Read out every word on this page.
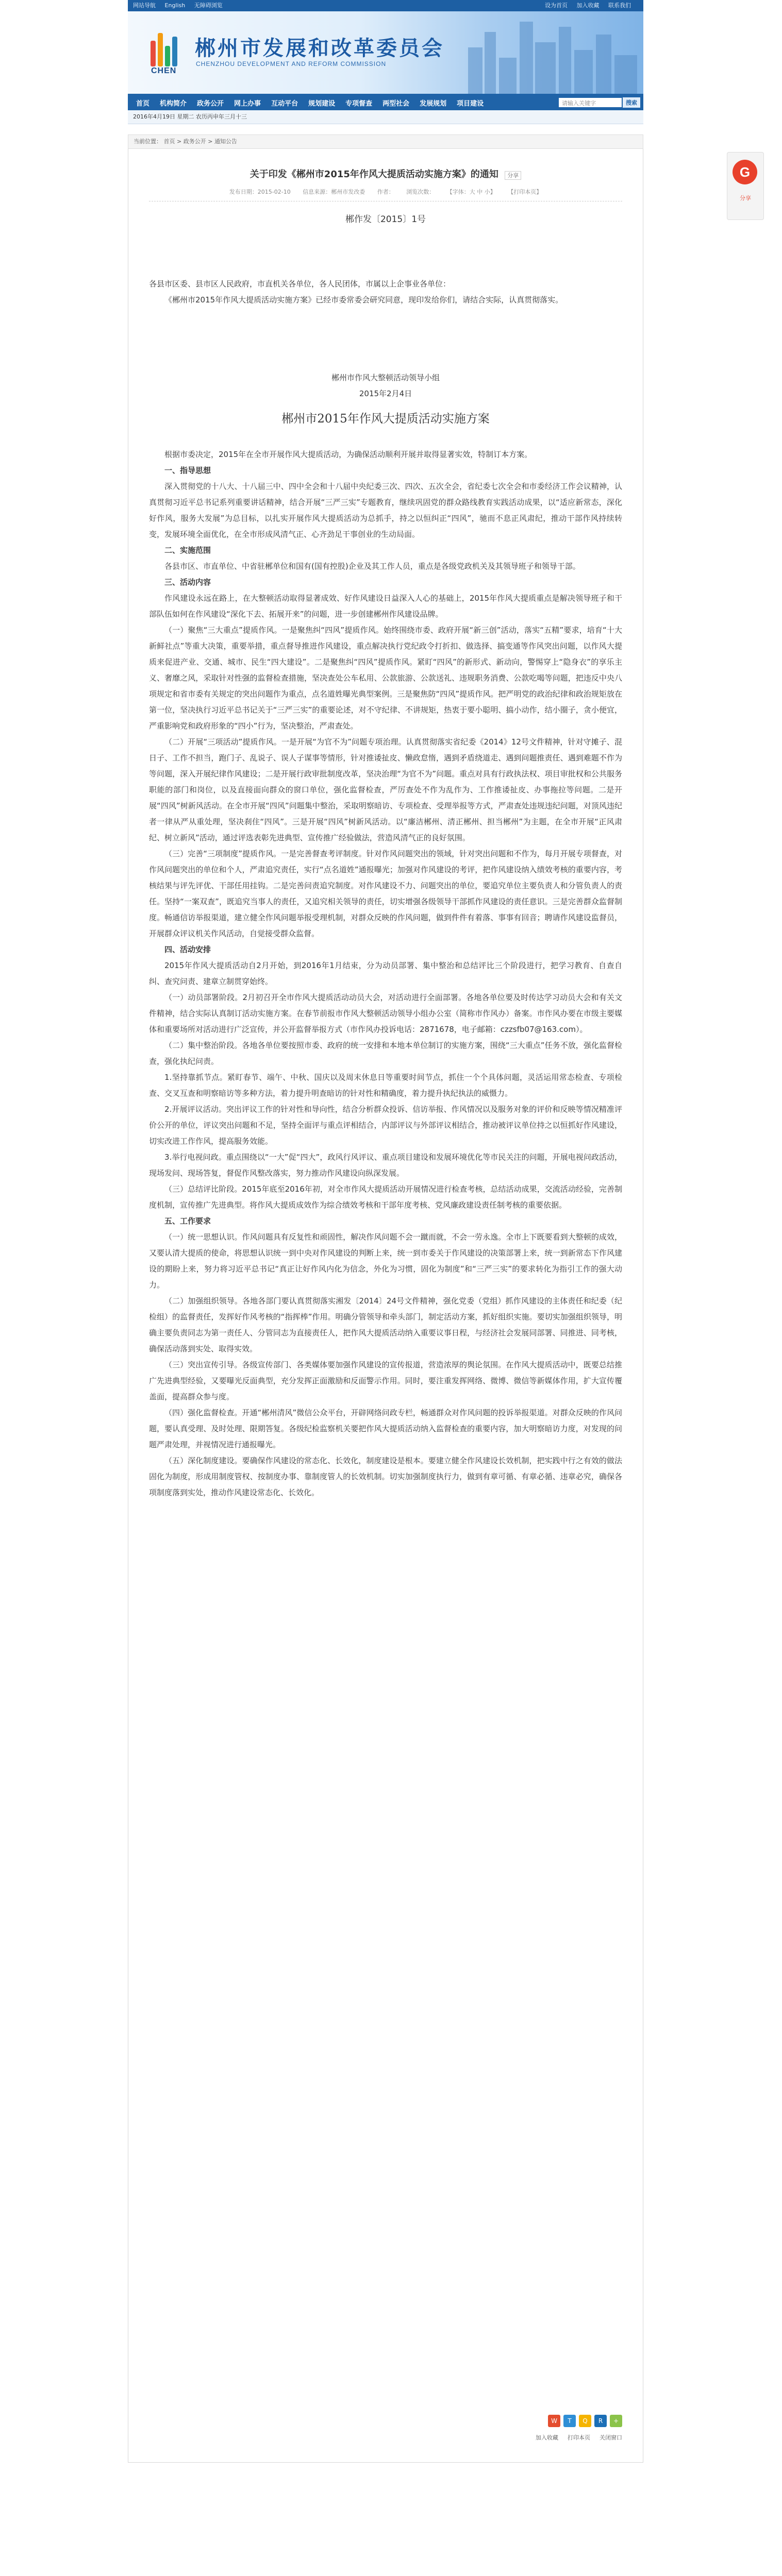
网站导航 English 无障碍浏览	设为首页 加入收藏 联系我们
CHEN
郴州市发展和改革委员会
CHENZHOU DEVELOPMENT AND REFORM COMMISSION
首页	机构简介	政务公开	网上办事	互动平台	规划建设	专项督查	两型社会	发展规划	项目建设	请输入关键字	搜索
2016年4月19日 星期二 农历丙申年三月十三
当前位置： 首页 > 政务公开 > 通知公告
关于印发《郴州市2015年作风大提质活动实施方案》的通知 分享
发布日期：2015-02-10 信息来源：郴州市发改委 作者： 浏览次数： 【字体：大 中 小】 【打印本页】
郴作发〔2015〕1号

各县市区委、县市区人民政府，市直机关各单位，各人民团体，市属以上企事业各单位：

《郴州市2015年作风大提质活动实施方案》已经市委常委会研究同意，现印发给你们，请结合实际，认真贯彻落实。

郴州市作风大整顿活动领导小组

2015年2月4日

郴州市2015年作风大提质活动实施方案

根据市委决定，2015年在全市开展作风大提质活动，为确保活动顺利开展并取得显著实效，特制订本方案。

一、指导思想

深入贯彻党的十八大、十八届三中、四中全会和十八届中央纪委三次、四次、五次全会，省纪委七次全会和市委经济工作会议精神，认真贯彻习近平总书记系列重要讲话精神，结合开展“三严三实”专题教育，继续巩固党的群众路线教育实践活动成果，以“适应新常态，深化好作风，服务大发展”为总目标，以扎实开展作风大提质活动为总抓手，持之以恒纠正“四风”，驰而不息正风肃纪，推动干部作风持续转变，发展环境全面优化，在全市形成风清气正、心齐劲足干事创业的生动局面。

二、实施范围

各县市区、市直单位、中省驻郴单位和国有(国有控股)企业及其工作人员，重点是各级党政机关及其领导班子和领导干部。

三、活动内容

作风建设永远在路上，在大整顿活动取得显著成效、好作风建设日益深入人心的基础上，2015年作风大提质重点是解决领导班子和干部队伍如何在作风建设“深化下去、拓展开来”的问题，进一步创建郴州作风建设品牌。

（一）聚焦“三大重点”提质作风。一是聚焦纠“四风”提质作风。始终围绕市委、政府开展“新三创”活动，落实“五精”要求，培育“十大新鲜社点”等重大决策，重要举措，重点督导推进作风建设，重点解决执行党纪政令打折扣、做选择、搞变通等作风突出问题，以作风大提质来促进产业、交通、城市、民生“四大建设”。二是聚焦纠“四风”提质作风。紧盯“四风”的新形式、新动向，警惕穿上“隐身衣”的享乐主义、奢靡之风，采取针对性强的监督检查措施，坚决查处公车私用、公款旅游、公款送礼、违规职务消费、公款吃喝等问题，把违反中央八项规定和省市委有关规定的突出问题作为重点，点名道姓曝光典型案例。三是聚焦防“四风”提质作风。把严明党的政治纪律和政治规矩放在第一位，坚决执行习近平总书记关于“三严三实”的重要论述，对不守纪律、不讲规矩，热衷于要小聪明、搞小动作，结小圈子，贪小便宜，严重影响党和政府形象的“四小”行为，坚决整治，严肃查处。

（二）开展“三项活动”提质作风。一是开展“为官不为”问题专项治理。认真贯彻落实省纪委《2014》12号文件精神，针对守摊子、混日子、工作不担当，跑门子、乱说子、误人子谋事等情形，针对推诿扯皮、懒政怠惰，遇到矛盾绕道走、遇到问题推责任、遇到难题不作为等问题，深入开展纪律作风建设；二是开展行政审批制度改革，坚决治理“为官不为”问题。重点对具有行政执法权、项目审批权和公共服务职能的部门和岗位，以及直接面向群众的窗口单位，强化监督检查，严厉查处不作为乱作为、工作推诿扯皮、办事拖拉等问题。二是开展“四风”树新风活动。在全市开展“四风”问题集中整治，采取明察暗访、专项检查、受理举报等方式，严肃查处违规违纪问题，对顶风违纪者一律从严从重处理，坚决刹住“四风”。三是开展“四风”树新风活动。以“廉洁郴州、清正郴州、担当郴州”为主题，在全市开展“正风肃纪、树立新风”活动，通过评选表彰先进典型、宣传推广经验做法，营造风清气正的良好氛围。

（三）完善“三项制度”提质作风。一是完善督查考评制度。针对作风问题突出的领域，针对突出问题和不作为，每月开展专项督查，对作风问题突出的单位和个人，严肃追究责任，实行“点名道姓”通报曝光；加强对作风建设的考评，把作风建设纳入绩效考核的重要内容，考核结果与评先评优、干部任用挂钩。二是完善问责追究制度。对作风建设不力、问题突出的单位，要追究单位主要负责人和分管负责人的责任。坚持“一案双查”，既追究当事人的责任，又追究相关领导的责任，切实增强各级领导干部抓作风建设的责任意识。三是完善群众监督制度。畅通信访举报渠道，建立健全作风问题举报受理机制，对群众反映的作风问题，做到件件有着落、事事有回音；聘请作风建设监督员，开展群众评议机关作风活动，自觉接受群众监督。

四、活动安排

2015年作风大提质活动自2月开始，到2016年1月结束，分为动员部署、集中整治和总结评比三个阶段进行，把学习教育、自查自纠、查究问责、建章立制贯穿始终。

（一）动员部署阶段。2月初召开全市作风大提质活动动员大会，对活动进行全面部署。各地各单位要及时传达学习动员大会和有关文件精神，结合实际认真制订活动实施方案。在春节前报市作风大整顿活动领导小组办公室（简称市作风办）备案。市作风办要在市级主要媒体和重要场所对活动进行广泛宣传，并公开监督举报方式（市作风办投诉电话：2871678，电子邮箱：czzsfb07@163.com）。

（二）集中整治阶段。各地各单位要按照市委、政府的统一安排和本地本单位制订的实施方案，围绕“三大重点”任务不放，强化监督检查，强化执纪问责。

1.坚持靠抓节点。紧盯春节、端午、中秋、国庆以及周末休息日等重要时间节点，抓住一个个具体问题，灵活运用常态检查、专项检查、交叉互查和明察暗访等多种方法，着力提升明查暗访的针对性和精确度，着力提升执纪执法的威慑力。

2.开展评议活动。突出评议工作的针对性和导向性，结合分析群众投诉、信访举报、作风情况以及服务对象的评价和反映等情况精准评价公开的单位，评议突出问题和不足，坚持全面评与重点评相结合，内部评议与外部评议相结合，推动被评议单位持之以恒抓好作风建设，切实改进工作作风，提高服务效能。

3.举行电视问政。重点围绕以“一大”促“四大”，政风行风评议、重点项目建设和发展环境优化等市民关注的问题，开展电视问政活动，现场发问、现场答复，督促作风整改落实，努力推动作风建设向纵深发展。

（三）总结评比阶段。2015年底至2016年初，对全市作风大提质活动开展情况进行检查考核，总结活动成果，交流活动经验，完善制度机制，宣传推广先进典型。将作风大提质成效作为综合绩效考核和干部年度考核、党风廉政建设责任制考核的重要依据。

五、工作要求

（一）统一思想认识。作风问题具有反复性和顽固性，解决作风问题不会一蹴而就，不会一劳永逸。全市上下既要看到大整顿的成效，又要认清大提质的使命，将思想认识统一到中央对作风建设的判断上来，统一到市委关于作风建设的决策部署上来，统一到新常态下作风建设的期盼上来，努力将习近平总书记“真正让好作风内化为信念，外化为习惯，固化为制度”和“三严三实”的要求转化为指引工作的强大动力。

（二）加强组织领导。各地各部门要认真贯彻落实湘发〔2014〕24号文件精神，强化党委（党组）抓作风建设的主体责任和纪委（纪检组）的监督责任，发挥好作风考核的“指挥棒”作用。明确分管领导和牵头部门，制定活动方案，抓好组织实施。要切实加强组织领导，明确主要负责同志为第一责任人、分管同志为直接责任人，把作风大提质活动纳入重要议事日程，与经济社会发展同部署、同推进、同考核，确保活动落到实处、取得实效。

（三）突出宣传引导。各级宣传部门、各类媒体要加强作风建设的宣传报道，营造浓厚的舆论氛围。在作风大提质活动中，既要总结推广先进典型经验，又要曝光反面典型，充分发挥正面激励和反面警示作用。同时，要注重发挥网络、微博、微信等新媒体作用，扩大宣传覆盖面，提高群众参与度。

（四）强化监督检查。开通“郴州清风”微信公众平台，开辟网络问政专栏，畅通群众对作风问题的投诉举报渠道。对群众反映的作风问题，要认真受理、及时处理、限期答复。各级纪检监察机关要把作风大提质活动纳入监督检查的重要内容，加大明察暗访力度，对发现的问题严肃处理，并视情况进行通报曝光。

（五）深化制度建设。要确保作风建设的常态化、长效化，制度建设是根本。要建立健全作风建设长效机制，把实践中行之有效的做法固化为制度，形成用制度管权、按制度办事、靠制度管人的长效机制。切实加强制度执行力，做到有章可循、有章必循、违章必究，确保各项制度落到实处，推动作风建设常态化、长效化。

W	T	Q	R	+
加入收藏 打印本页 关闭窗口
G
分享
